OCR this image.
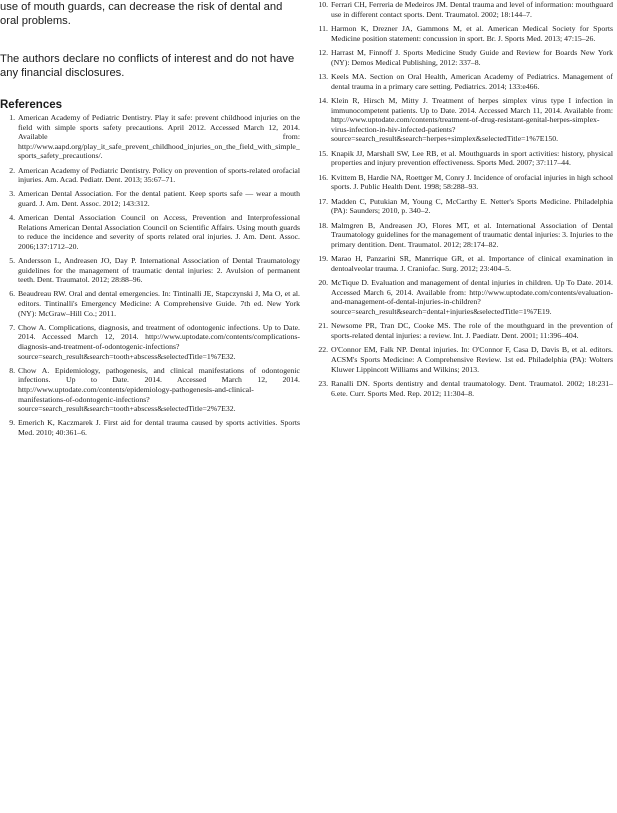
use of mouth guards, can decrease the risk of dental and oral problems.

The authors declare no conflicts of interest and do not have any financial disclosures.

References
1. American Academy of Pediatric Dentistry. Play it safe: prevent childhood injuries on the field with simple sports safety precautions. April 2012. Accessed March 12, 2014. Available from: http://www.aapd.org/play_it_safe_prevent_childhood_injuries_on_the_field_with_simple_sports_safety_precautions/.
2. American Academy of Pediatric Dentistry. Policy on prevention of sports-related orofacial injuries. Am. Acad. Pediatr. Dent. 2013; 35:67–71.
3. American Dental Association. For the dental patient. Keep sports safe — wear a mouth guard. J. Am. Dent. Assoc. 2012; 143:312.
4. American Dental Association Council on Access, Prevention and Interprofessional Relations American Dental Association Council on Scientific Affairs. Using mouth guards to reduce the incidence and severity of sports related oral injuries. J. Am. Dent. Assoc. 2006;137:1712–20.
5. Andersson L, Andreasen JO, Day P. International Association of Dental Traumatology guidelines for the management of traumatic dental injuries: 2. Avulsion of permanent teeth. Dent. Traumatol. 2012; 28:88–96.
6. Beaudreau RW. Oral and dental emergencies. In: Tintinalli JE, Stapczynski J, Ma O, et al. editors. Tintinalli's Emergency Medicine: A Comprehensive Guide. 7th ed. New York (NY): McGraw–Hill Co.; 2011.
7. Chow A. Complications, diagnosis, and treatment of odontogenic infections. Up to Date. 2014. Accessed March 12, 2014. http://www.uptodate.com/contents/complications-diagnosis-and-treatment-of-odontogenic-infections?source=search_result&search=tooth+abscess&selectedTitle=1%7E32.
8. Chow A. Epidemiology, pathogenesis, and clinical manifestations of odontogenic infections. Up to Date. 2014. Accessed March 12, 2014. http://www.uptodate.com/contents/epidemiology-pathogenesis-and-clinical-manifestations-of-odontogenic-infections?source=search_result&search=tooth+abscess&selectedTitle=2%7E32.
9. Emerich K, Kaczmarek J. First aid for dental trauma caused by sports activities. Sports Med. 2010; 40:361–6.
10. Ferrari CH, Ferreria de Medeiros JM. Dental trauma and level of information: mouthguard use in different contact sports. Dent. Traumatol. 2002; 18:144–7.
11. Harmon K, Drezner JA, Gammons M, et al. American Medical Society for Sports Medicine position statement: concussion in sport. Br. J. Sports Med. 2013; 47:15–26.
12. Harrast M, Finnoff J. Sports Medicine Study Guide and Review for Boards New York (NY): Demos Medical Publishing, 2012: 337–8.
13. Keels MA. Section on Oral Health, American Academy of Pediatrics. Management of dental trauma in a primary care setting. Pediatrics. 2014; 133:e466.
14. Klein R, Hirsch M, Mitty J. Treatment of herpes simplex virus type I infection in immunocompetent patients. Up to Date. 2014. Accessed March 11, 2014. Available from: http://www.uptodate.com/contents/treatment-of-drug-resistant-genital-herpes-simplex-virus-infection-in-hiv-infected-patients?source=search_result&search=herpes+simplex&selectedTitle=1%7E150.
15. Knapik JJ, Marshall SW, Lee RB, et al. Mouthguards in sport activities: history, physical properties and injury prevention effectiveness. Sports Med. 2007; 37:117–44.
16. Kvittem B, Hardie NA, Roettger M, Conry J. Incidence of orofacial injuries in high school sports. J. Public Health Dent. 1998; 58:288–93.
17. Madden C, Putukian M, Young C, McCarthy E. Netter's Sports Medicine. Philadelphia (PA): Saunders; 2010, p. 340–2.
18. Malmgren B, Andreasen JO, Flores MT, et al. International Association of Dental Traumatology guidelines for the management of traumatic dental injuries: 3. Injuries to the primary dentition. Dent. Traumatol. 2012; 28:174–82.
19. Marao H, Panzarini SR, Manrrique GR, et al. Importance of clinical examination in dentoalveolar trauma. J. Craniofac. Surg. 2012; 23:404–5.
20. McTique D. Evaluation and management of dental injuries in children. Up To Date. 2014. Accessed March 6, 2014. Available from: http://www.uptodate.com/contents/evaluation-and-management-of-dental-injuries-in-children?source=search_result&search=dental+injuries&selectedTitle=1%7E19.
21. Newsome PR, Tran DC, Cooke MS. The role of the mouthguard in the prevention of sports-related dental injuries: a review. Int. J. Paediatr. Dent. 2001; 11:396–404.
22. O'Connor EM, Falk NP. Dental injuries. In: O'Connor F, Casa D, Davis B, et al. editors. ACSM's Sports Medicine: A Comprehensive Review. 1st ed. Philadelphia (PA): Wolters Kluwer Lippincott Williams and Wilkins; 2013.
23. Ranalli DN. Sports dentistry and dental traumatology. Dent. Traumatol. 2002; 18:231–6.ete. Curr. Sports Med. Rep. 2012; 11:304–8.
